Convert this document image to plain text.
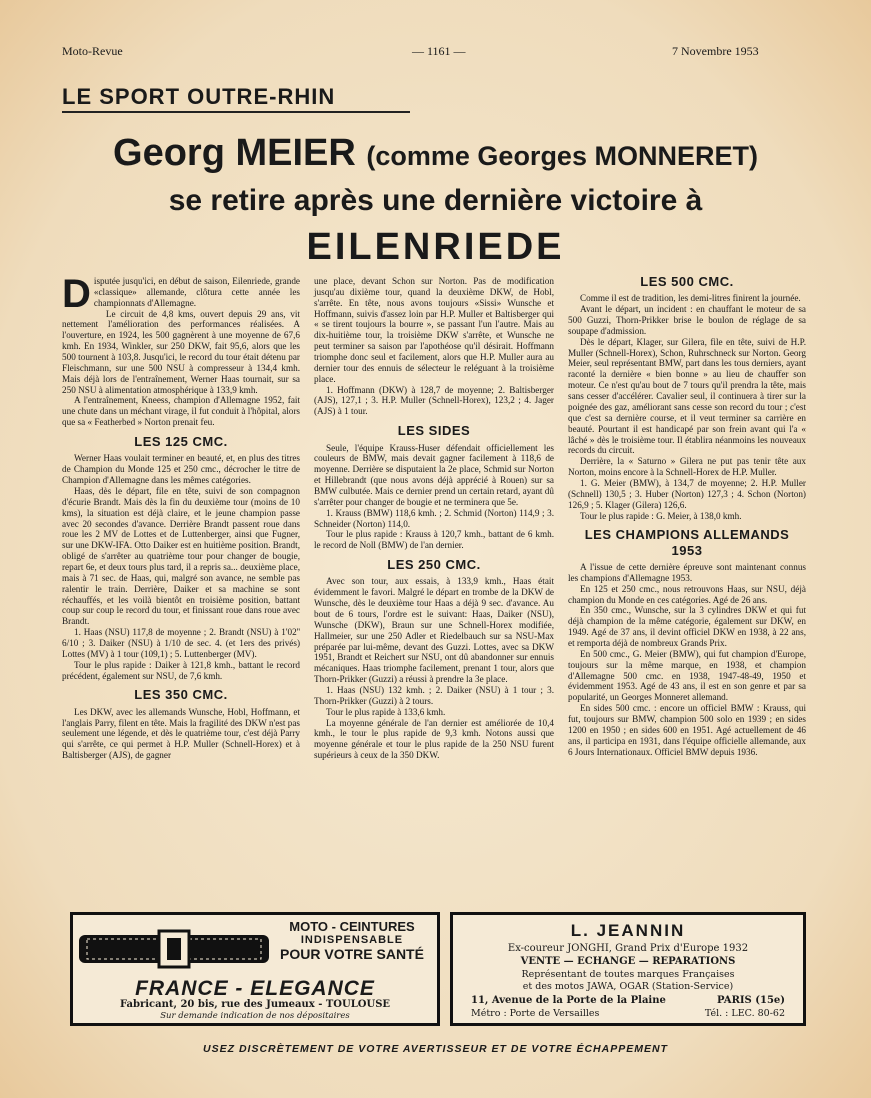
Moto-Revue	— 1161 —	7 Novembre 1953
LE SPORT OUTRE-RHIN
Georg MEIER (comme Georges MONNERET)
se retire après une dernière victoire à
EILENRIEDE

Disputée jusqu'ici, en début de saison, Eilenriede, grande «classique» allemande, clôtura cette année les championnats d'Allemagne.

Le circuit de 4,8 kms, ouvert depuis 29 ans, vit nettement l'amélioration des performances réalisées. A l'ouverture, en 1924, les 500 gagnèrent à une moyenne de 67,6 kmh. En 1934, Winkler, sur 250 DKW, fait 95,6, alors que les 500 tournent à 103,8. Jusqu'ici, le record du tour était détenu par Fleischmann, sur une 500 NSU à compresseur à 134,4 kmh. Mais déjà lors de l'entraînement, Werner Haas tournait, sur sa 250 NSU à alimentation atmosphérique à 133,9 kmh.

A l'entraînement, Kneess, champion d'Allemagne 1952, fait une chute dans un méchant virage, il fut conduit à l'hôpital, alors que sa « Featherbed » Norton prenait feu.

LES 125 CMC.

Werner Haas voulait terminer en beauté, et, en plus des titres de Champion du Monde 125 et 250 cmc., décrocher le titre de Champion d'Allemagne dans les mêmes catégories.

Haas, dès le départ, file en tête, suivi de son compagnon d'écurie Brandt. Mais dès la fin du deuxième tour (moins de 10 kms), la situation est déjà claire, et le jeune champion passe avec 20 secondes d'avance. Derrière Brandt passent roue dans roue les 2 MV de Lottes et de Luttenberger, ainsi que Fugner, sur une DKW-IFA. Otto Daiker est en huitième position. Brandt, obligé de s'arrêter au quatrième tour pour changer de bougie, repart 6e, et deux tours plus tard, il a repris sa... deuxième place, mais à 71 sec. de Haas, qui, malgré son avance, ne semble pas ralentir le train. Derrière, Daiker et sa machine se sont réchauffés, et les voilà bientôt en troisième position, battant coup sur coup le record du tour, et finissant roue dans roue avec Brandt.

1. Haas (NSU) 117,8 de moyenne ; 2. Brandt (NSU) à 1'02'' 6/10 ; 3. Daiker (NSU) à 1/10 de sec. 4. (et 1ers des privés) Lottes (MV) à 1 tour (109,1) ; 5. Luttenberger (MV).

Tour le plus rapide : Daiker à 121,8 kmh., battant le record précédent, également sur NSU, de 7,6 kmh.

LES 350 CMC.

Les DKW, avec les allemands Wunsche, Hobl, Hoffmann, et l'anglais Parry, filent en tête. Mais la fragilité des DKW n'est pas seulement une légende, et dès le quatrième tour, c'est déjà Parry qui s'arrête, ce qui permet à H.P. Muller (Schnell-Horex) et à Baltisberger (AJS), de gagner

une place, devant Schon sur Norton. Pas de modification jusqu'au dixième tour, quand la deuxième DKW, de Hobl, s'arrête. En tête, nous avons toujours «Sissi» Wunsche et Hoffmann, suivis d'assez loin par H.P. Muller et Baltisberger qui « se tirent toujours la bourre », se passant l'un l'autre. Mais au dix-huitième tour, la troisième DKW s'arrête, et Wunsche ne peut terminer sa saison par l'apothéose qu'il désirait. Hoffmann triomphe donc seul et facilement, alors que H.P. Muller aura au dernier tour des ennuis de sélecteur le reléguant à la troisième place.

1. Hoffmann (DKW) à 128,7 de moyenne; 2. Baltisberger (AJS), 127,1 ; 3. H.P. Muller (Schnell-Horex), 123,2 ; 4. Jager (AJS) à 1 tour.

LES SIDES

Seule, l'équipe Krauss-Huser défendait officiellement les couleurs de BMW, mais devait gagner facilement à 118,6 de moyenne. Derrière se disputaient la 2e place, Schmid sur Norton et Hillebrandt (que nous avons déjà apprécié à Rouen) sur sa BMW culbutée. Mais ce dernier prend un certain retard, ayant dû s'arrêter pour changer de bougie et ne terminera que 5e.

1. Krauss (BMW) 118,6 kmh. ; 2. Schmid (Norton) 114,9 ; 3. Schneider (Norton) 114,0.

Tour le plus rapide : Krauss à 120,7 kmh., battant de 6 kmh. le record de Noll (BMW) de l'an dernier.

LES 250 CMC.

Avec son tour, aux essais, à 133,9 kmh., Haas était évidemment le favori. Malgré le départ en trombe de la DKW de Wunsche, dès le deuxième tour Haas a déjà 9 sec. d'avance. Au bout de 6 tours, l'ordre est le suivant: Haas, Daiker (NSU), Wunsche (DKW), Braun sur une Schnell-Horex modifiée, Hallmeier, sur une 250 Adler et Riedelbauch sur sa NSU-Max préparée par lui-même, devant des Guzzi. Lottes, avec sa DKW 1951, Brandt et Reichert sur NSU, ont dû abandonner sur ennuis mécaniques. Haas triomphe facilement, prenant 1 tour, alors que Thorn-Prikker (Guzzi) a réussi à prendre la 3e place.

1. Haas (NSU) 132 kmh. ; 2. Daiker (NSU) à 1 tour ; 3. Thorn-Prikker (Guzzi) à 2 tours.

Tour le plus rapide à 133,6 kmh.

La moyenne générale de l'an dernier est améliorée de 10,4 kmh., le tour le plus rapide de 9,3 kmh. Notons aussi que moyenne générale et tour le plus rapide de la 250 NSU furent supérieurs à ceux de la 350 DKW.

LES 500 CMC.

Comme il est de tradition, les demi-litres finirent la journée.

Avant le départ, un incident : en chauffant le moteur de sa 500 Guzzi, Thorn-Prikker brise le boulon de réglage de sa soupape d'admission.

Dès le départ, Klager, sur Gilera, file en tête, suivi de H.P. Muller (Schnell-Horex), Schon, Ruhrschneck sur Norton. Georg Meier, seul représentant BMW, part dans les tous derniers, ayant raconté la dernière « bien bonne » au lieu de chauffer son moteur. Ce n'est qu'au bout de 7 tours qu'il prendra la tête, mais sans cesser d'accélérer. Cavalier seul, il continuera à tirer sur la poignée des gaz, améliorant sans cesse son record du tour ; c'est que c'est sa dernière course, et il veut terminer sa carrière en beauté. Pourtant il est handicapé par son frein avant qui l'a « lâché » dès le troisième tour. Il établira néanmoins les nouveaux records du circuit.

Derrière, la « Saturno » Gilera ne put pas tenir tête aux Norton, moins encore à la Schnell-Horex de H.P. Muller.

1. G. Meier (BMW), à 134,7 de moyenne; 2. H.P. Muller (Schnell) 130,5 ; 3. Huber (Norton) 127,3 ; 4. Schon (Norton) 126,9 ; 5. Klager (Gilera) 126,6.

Tour le plus rapide : G. Meier, à 138,0 kmh.

LES CHAMPIONS ALLEMANDS
1953

A l'issue de cette dernière épreuve sont maintenant connus les champions d'Allemagne 1953.

En 125 et 250 cmc., nous retrouvons Haas, sur NSU, déjà champion du Monde en ces catégories. Agé de 26 ans.

En 350 cmc., Wunsche, sur la 3 cylindres DKW et qui fut déjà champion de la même catégorie, également sur DKW, en 1949. Agé de 37 ans, il devint officiel DKW en 1938, à 22 ans, et remporta déjà de nombreux Grands Prix.

En 500 cmc., G. Meier (BMW), qui fut champion d'Europe, toujours sur la même marque, en 1938, et champion d'Allemagne 500 cmc. en 1938, 1947-48-49, 1950 et évidemment 1953. Agé de 43 ans, il est en son genre et par sa popularité, un Georges Monneret allemand.

En sides 500 cmc. : encore un officiel BMW : Krauss, qui fut, toujours sur BMW, champion 500 solo en 1939 ; en sides 1200 en 1950 ; en sides 600 en 1951. Agé actuellement de 46 ans, il participa en 1931, dans l'équipe officielle allemande, aux 6 Jours Internationaux. Officiel BMW depuis 1936.

MOTO - CEINTURES
INDISPENSABLE
POUR VOTRE SANTÉ
FRANCE - ELEGANCE
Fabricant, 20 bis, rue des Jumeaux - TOULOUSE
Sur demande indication de nos dépositaires
L. JEANNIN
Ex-coureur JONGHI, Grand Prix d'Europe 1932
VENTE — ECHANGE — REPARATIONS
Représentant de toutes marques Françaises
et des motos JAWA, OGAR (Station-Service)
11, Avenue de la Porte de la Plaine	PARIS (15e)
Métro : Porte de Versailles	Tél. : LEC. 80-62
USEZ DISCRÈTEMENT DE VOTRE AVERTISSEUR ET DE VOTRE ÉCHAPPEMENT
